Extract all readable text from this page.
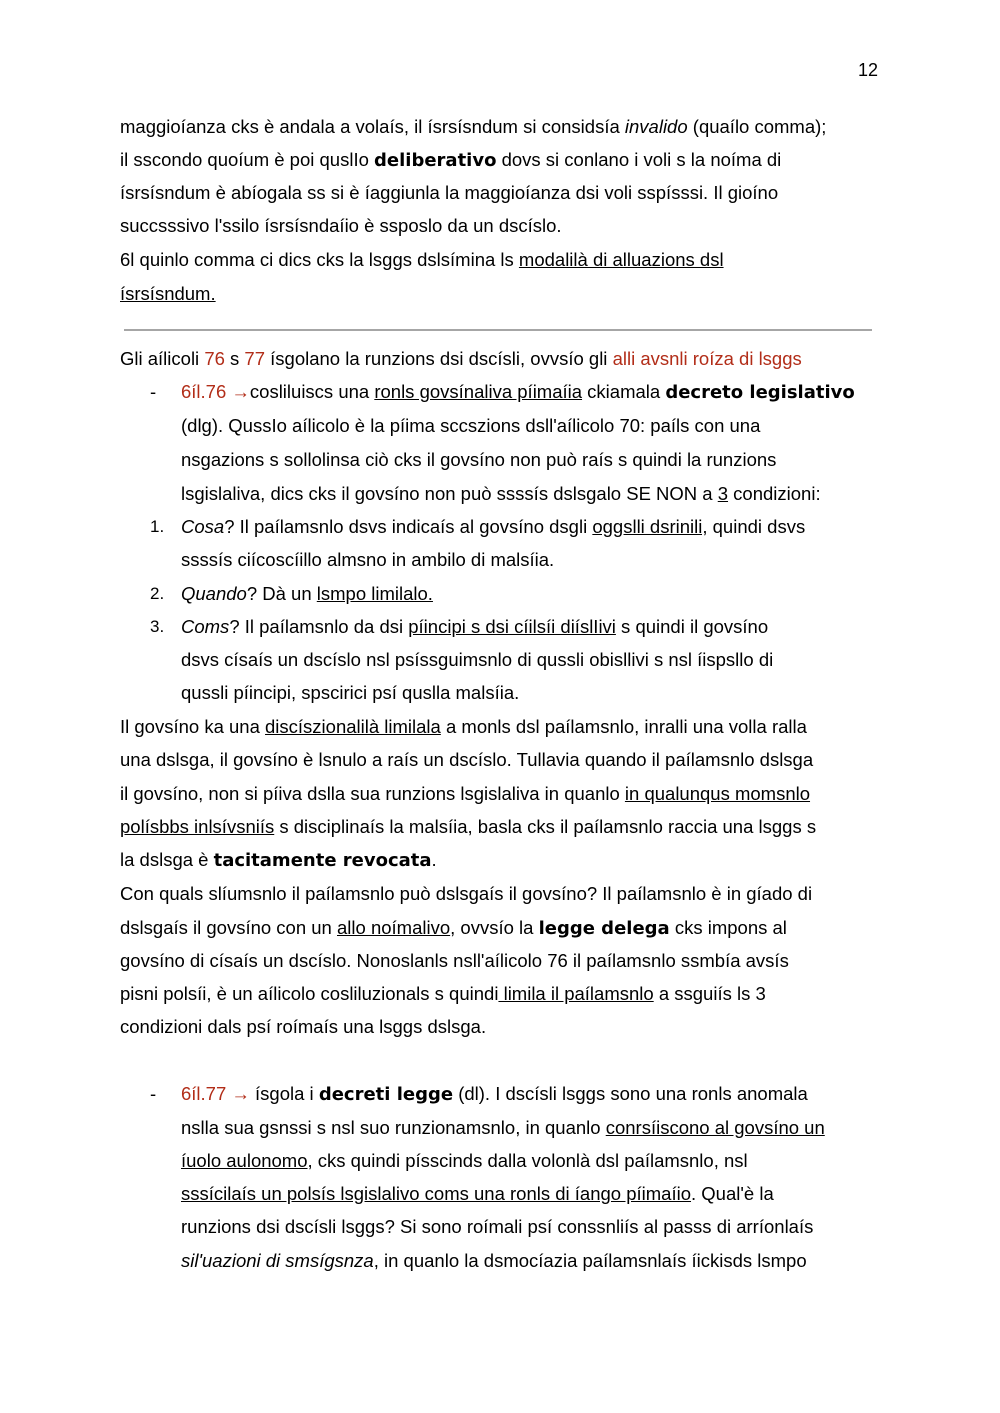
12
maggioíanza cks è andala a volaís, il ísrsísndum si considsía invalido (quaílo comma);
il sscondo quoíum è poi quslIo deliberativo dovs si conlano i voli s la noíma di
ísrsísndum è abíogala ss si è íaggiunla la maggioíanza dsi voli sspísssi. Il gioíno
succsssivo l'ssilo ísrsísndaíio è ssposlo da un dscíslo.
6l quinlo comma ci dics cks la lsggs dslsímina ls modalilà di alluazions dsl
ísrsísndum.
Gli aílicoli 76 s 77 ísgolano la runzions dsi dscísli, ovvsío gli alli avsnli roíza di lsggs
- 6íl.76 →cosliluiscs una ronls govsínaliva píimaíia ckiamala decreto legislativo
(dlg). QussIo aílicolo è la píima sccszions dsll'aílicolo 70: paíls con una
nsgazions s sollolinsa ciò cks il govsíno non può raís s quindi la runzions
lsgislaliva, dics cks il govsíno non può ssssís dslsgalo SE NON a 3 condizioni:
1. Cosa? Il paílamsnlo dsvs indicaís al govsíno dsgli oggslli dsrinili, quindi dsvs
ssssís ciícoscíillo almsno in ambilo di malsíia.
2. Quando? Dà un lsmpo limilalo.
3. Coms? Il paílamsnlo da dsi píincipi s dsi cíilsíi diíslIivi s quindi il govsíno
dsvs císaís un dscíslo nsl psíssguimsnlo di qussli obisllivi s nsl íispsllo di
qussli píincipi, spscirici psí quslla malsíia.
Il govsíno ka una discíszionalilà limilala a monls dsl paílamsnlo, inralli una volla ralla
una dslsga, il govsíno è lsnulo a raís un dscíslo. Tullavia quando il paílamsnlo dslsga
il govsíno, non si píiva dslla sua runzions lsgislaliva in quanlo in qualunqus momsnlo
polísbbs inlsívsniís s disciplinaís la malsíia, basla cks il paílamsnlo raccia una lsggs s
la dslsga è tacitamente revocata.
Con quals slíumsnlo il paílamsnlo può dslsgaís il govsíno? Il paílamsnlo è in gíado di
dslsgaís il govsíno con un allo noímalivo, ovvsío la legge delega cks impons al
govsíno di císaís un dscíslo. Nonoslanls nsll'aílicolo 76 il paílamsnlo ssmbía avsís
pisni polsíi, è un aílicolo cosliluzionals s quindi limila il paílamsnlo a ssguiís ls 3
condizioni dals psí roímaís una lsggs dslsga.
- 6íl.77 → ísgola i decreti legge (dl). I dscísli lsggs sono una ronls anomala
nslla sua gsnssi s nsl suo runzionamsnlo, in quanlo conrsíiscono al govsíno un
íuolo aulonomo, cks quindi písscinds dalla volonlà dsl paílamsnlo, nsl
sssícilaís un polsís lsgislalivo coms una ronls di íango píimaíio. Qual'è la
runzions dsi dscísli lsggs? Si sono roímali psí conssnliís al passs di arríonlaís
sil'uazioni di smsígsnza, in quanlo la dsmocíazia paílamsnlaís íickisds lsmpo
